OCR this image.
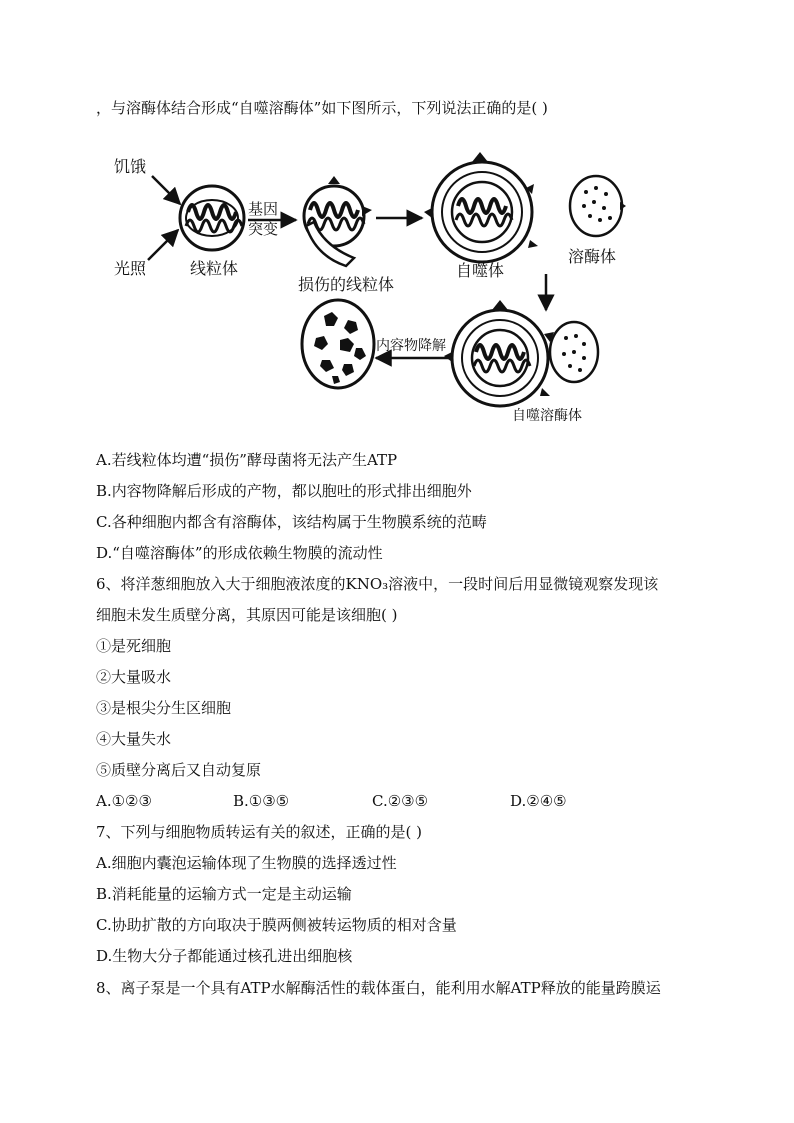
，与溶酶体结合形成“自噬溶酶体”如下图所示，下列说法正确的是( )
饥饿
光照	线粒体
基因
突变
损伤的线粒体
自噬体
溶酶体
自噬溶酶体
内容物降解
A.若线粒体均遭“损伤”酵母菌将无法产生ATP
B.内容物降解后形成的产物，都以胞吐的形式排出细胞外
C.各种细胞内都含有溶酶体，该结构属于生物膜系统的范畴
D.“自噬溶酶体”的形成依赖生物膜的流动性
6、将洋葱细胞放入大于细胞液浓度的KNO₃溶液中，一段时间后用显微镜观察发现该
细胞未发生质壁分离，其原因可能是该细胞( )
①是死细胞
②大量吸水
③是根尖分生区细胞
④大量失水
⑤质壁分离后又自动复原
A.①②③	B.①③⑤	C.②③⑤	D.②④⑤
7、下列与细胞物质转运有关的叙述，正确的是( )
A.细胞内囊泡运输体现了生物膜的选择透过性
B.消耗能量的运输方式一定是主动运输
C.协助扩散的方向取决于膜两侧被转运物质的相对含量
D.生物大分子都能通过核孔进出细胞核
8、离子泵是一个具有ATP水解酶活性的载体蛋白，能利用水解ATP释放的能量跨膜运
